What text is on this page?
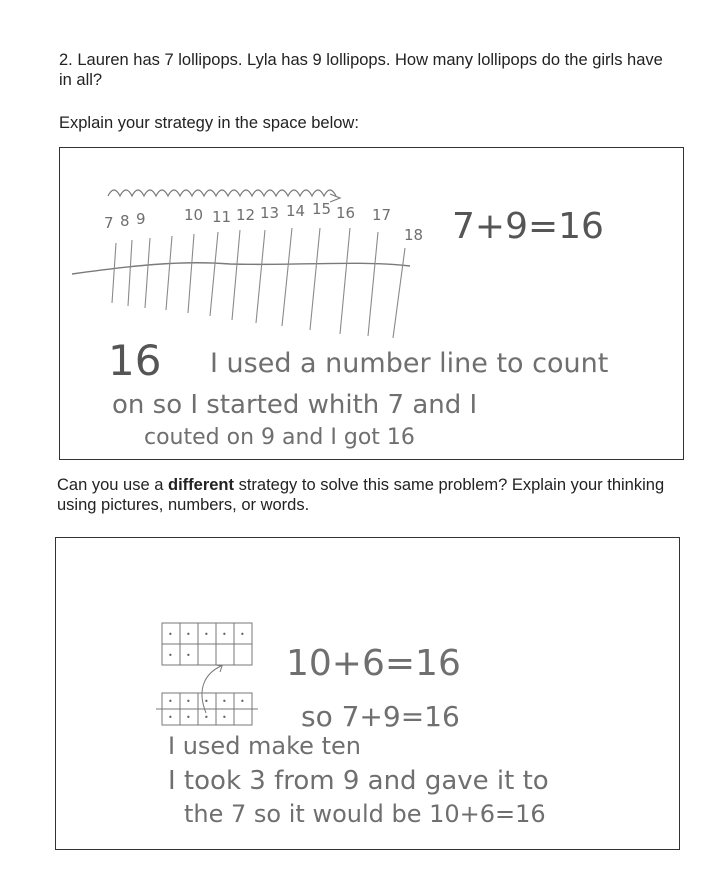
2. Lauren has 7 lollipops. Lyla has 9 lollipops. How many lollipops do the girls have in all?
Explain your strategy in the space below:
7 8 9	10 11 12 13 14 15 16 17
18 7+9=16
16 I used a number line to count
on so I started whith 7 and I
couted on 9 and I got 16
Can you use a different strategy to solve this same problem? Explain your thinking using pictures, numbers, or words.
• • • • •
• •
• • • • •
• • • •
10+6=16
so 7+9=16
I used make ten
I took 3 from 9 and gave it to
the 7 so it would be 10+6=16
